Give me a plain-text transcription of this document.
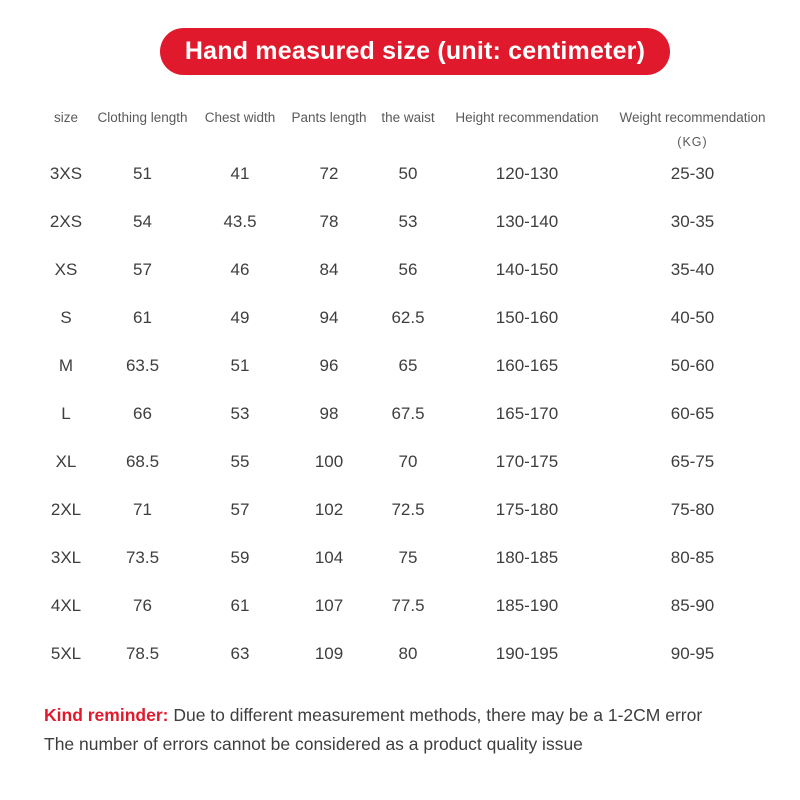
Hand measured size (unit: centimeter)
size	Clothing length	Chest width	Pants length	the waist	Height recommendation	Weight recommendation
(KG)
3XS	51	41	72	50	120-130	25-30
2XS	54	43.5	78	53	130-140	30-35
XS	57	46	84	56	140-150	35-40
S	61	49	94	62.5	150-160	40-50
M	63.5	51	96	65	160-165	50-60
L	66	53	98	67.5	165-170	60-65
XL	68.5	55	100	70	170-175	65-75
2XL	71	57	102	72.5	175-180	75-80
3XL	73.5	59	104	75	180-185	80-85
4XL	76	61	107	77.5	185-190	85-90
5XL	78.5	63	109	80	190-195	90-95

Kind reminder: Due to different measurement methods, there may be a 1-2CM error

The number of errors cannot be considered as a product quality issue
